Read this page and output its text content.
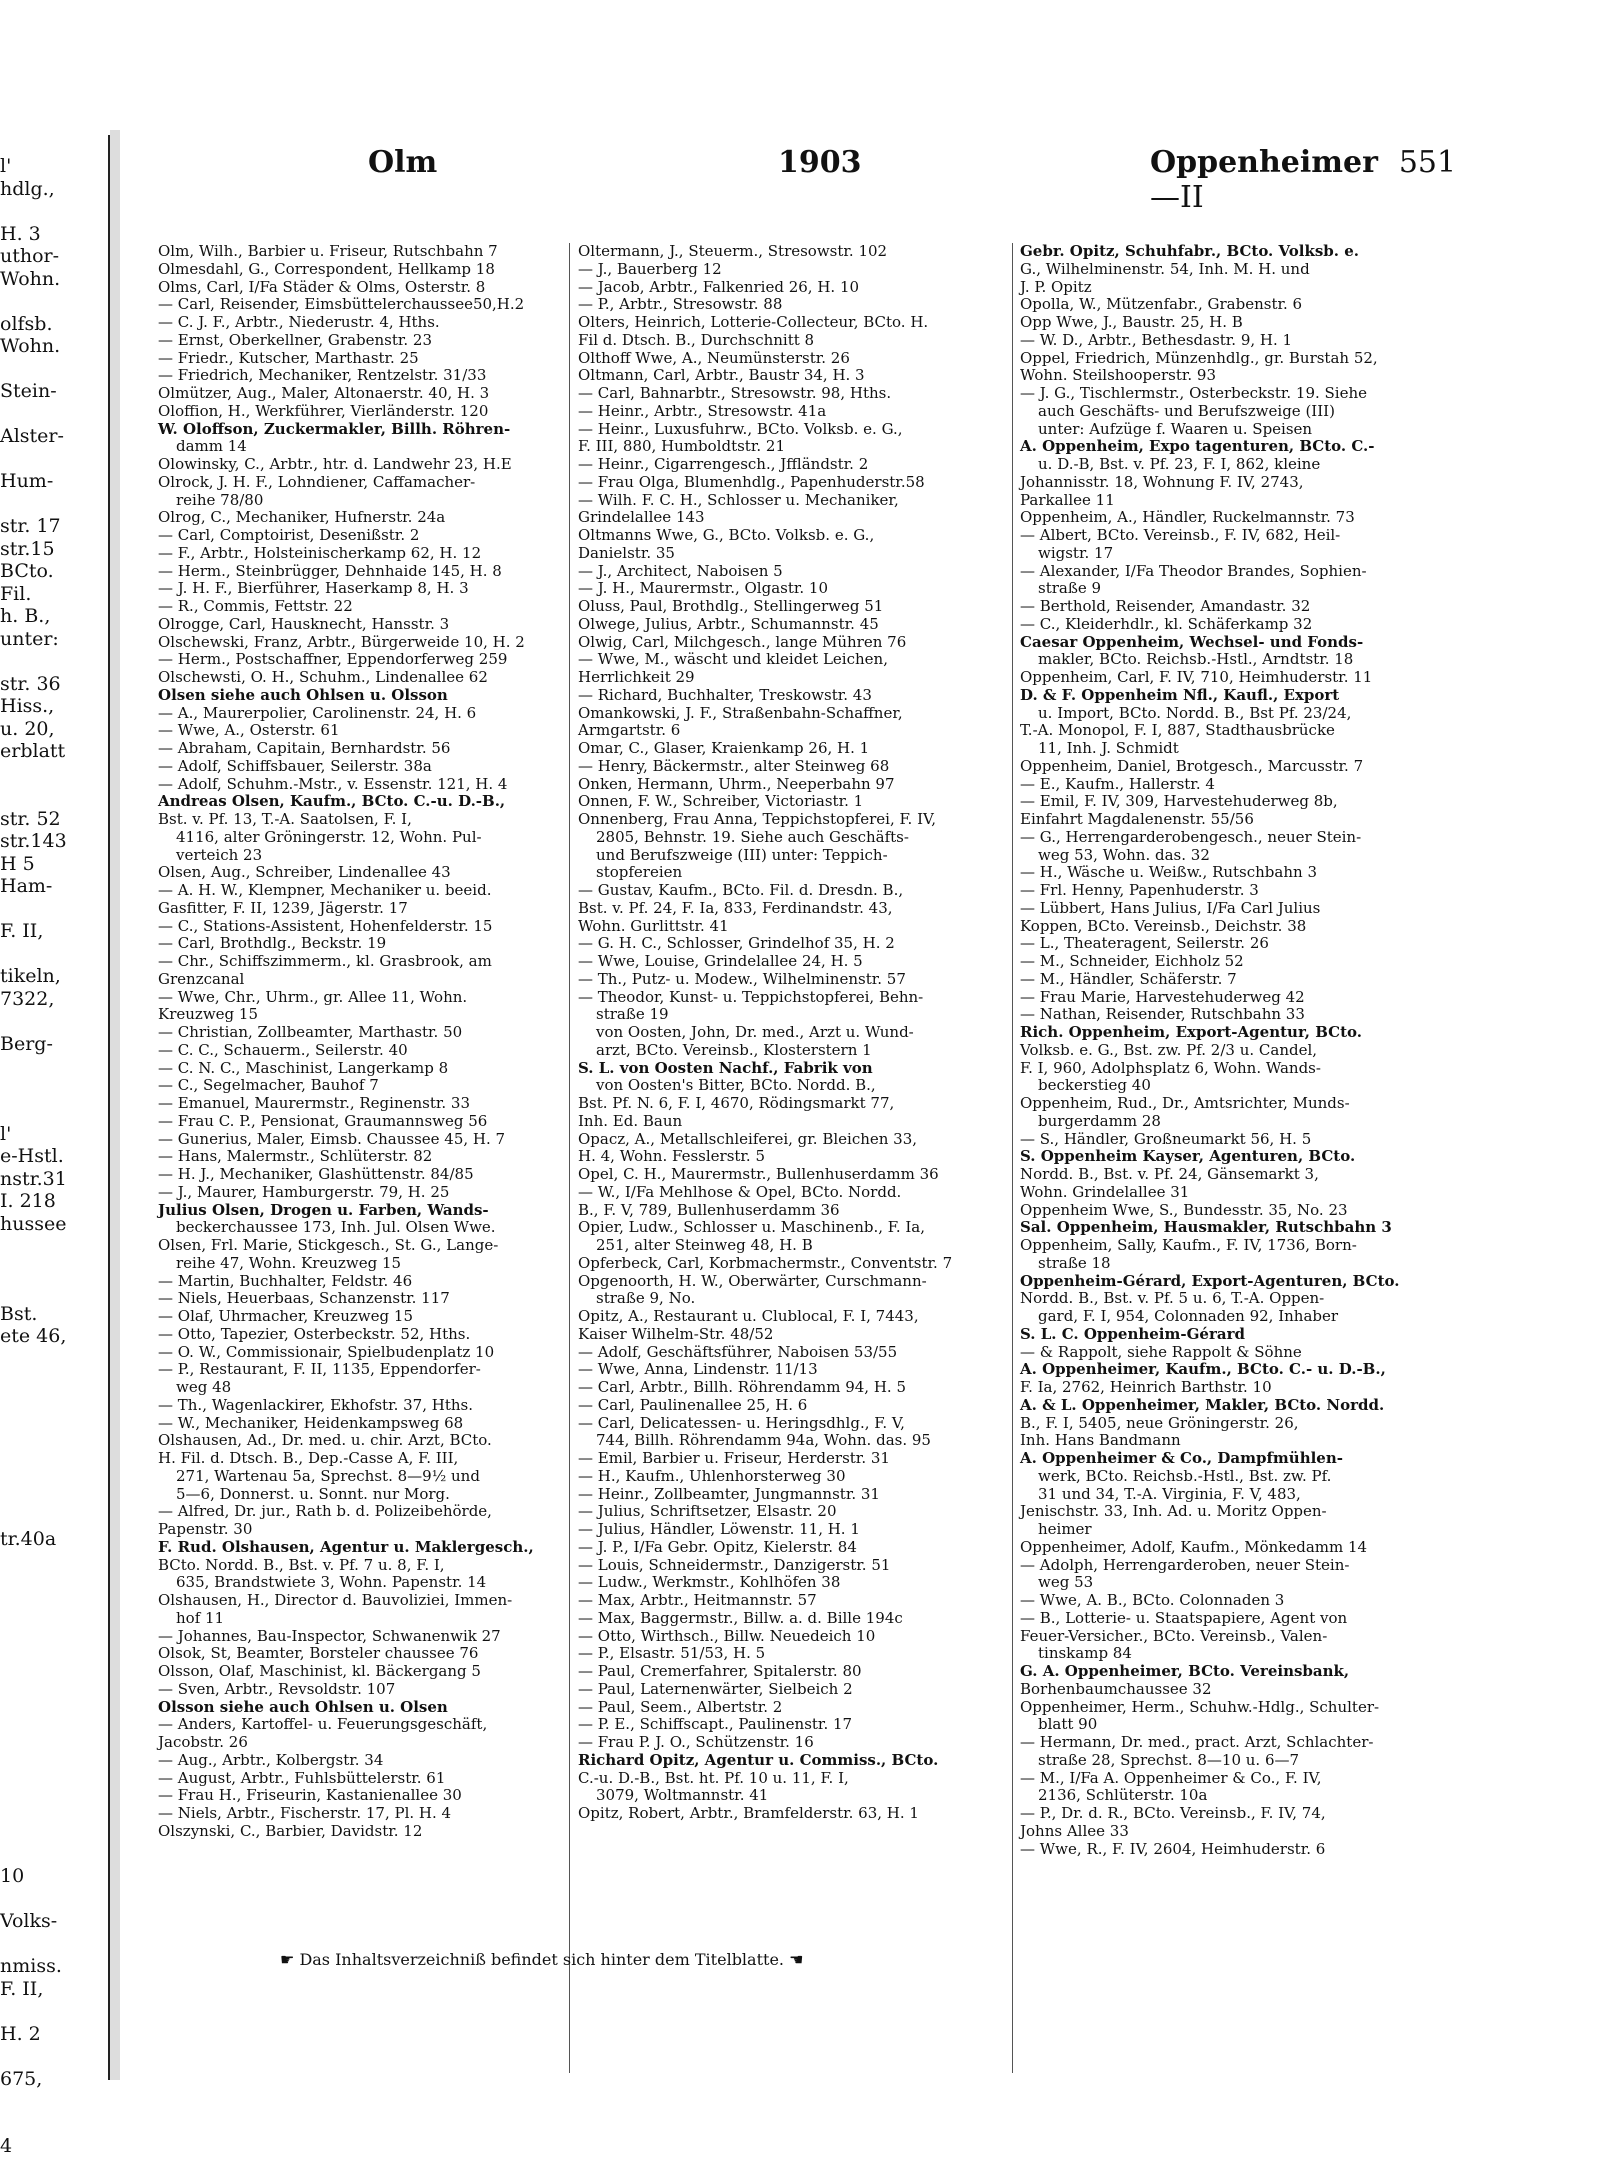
l'
hdlg.,
H. 3
uthor-
Wohn.
olfsb.
Wohn.
Stein-
Alster-
Hum-
str. 17
str.15
BCto.
Fil.
h. B.,
unter:
str. 36
Hiss.,
u. 20,
erblatt
str. 52
str.143
H 5
Ham-
F. II,
tikeln,
7322,
Berg-
l'
e-Hstl.
nstr.31
I. 218
hussee
Bst.
ete 46,
tr.40a
10
Volks-
nmiss.
F. II,
H. 2
675,
4
Olm	1903	Oppenheimer 551—II
Olm, Wilh., Barbier u. Friseur, Rutschbahn 7
Olmesdahl, G., Correspondent, Hellkamp 18
Olms, Carl, I/Fa Städer & Olms, Osterstr. 8
— Carl, Reisender, Eimsbüttelerchaussee50,H.2
— C. J. F., Arbtr., Niederustr. 4, Hths.
— Ernst, Oberkellner, Grabenstr. 23
— Friedr., Kutscher, Marthastr. 25
— Friedrich, Mechaniker, Rentzelstr. 31/33
Olmützer, Aug., Maler, Altonaerstr. 40, H. 3
Oloffion, H., Werkführer, Vierländerstr. 120
W. Oloffson, Zuckermakler, Billh. Röhren-
damm 14
Olowinsky, C., Arbtr., htr. d. Landwehr 23, H.E
Olrock, J. H. F., Lohndiener, Caffamacher-
reihe 78/80
Olrog, C., Mechaniker, Hufnerstr. 24a
— Carl, Comptoirist, Desenißstr. 2
— F., Arbtr., Holsteinischerkamp 62, H. 12
— Herm., Steinbrügger, Dehnhaide 145, H. 8
— J. H. F., Bierführer, Haserkamp 8, H. 3
— R., Commis, Fettstr. 22
Olrogge, Carl, Hausknecht, Hansstr. 3
Olschewski, Franz, Arbtr., Bürgerweide 10, H. 2
— Herm., Postschaffner, Eppendorferweg 259
Olschewsti, O. H., Schuhm., Lindenallee 62
Olsen siehe auch Ohlsen u. Olsson
— A., Maurerpolier, Carolinenstr. 24, H. 6
— Wwe, A., Osterstr. 61
— Abraham, Capitain, Bernhardstr. 56
— Adolf, Schiffsbauer, Seilerstr. 38a
— Adolf, Schuhm.-Mstr., v. Essenstr. 121, H. 4
Andreas Olsen, Kaufm., BCto. C.-u. D.-B.,
Bst. v. Pf. 13, T.-A. Saatolsen, F. I,
4116, alter Gröningerstr. 12, Wohn. Pul-
verteich 23
Olsen, Aug., Schreiber, Lindenallee 43
— A. H. W., Klempner, Mechaniker u. beeid.
Gasfitter, F. II, 1239, Jägerstr. 17
— C., Stations-Assistent, Hohenfelderstr. 15
— Carl, Brothdlg., Beckstr. 19
— Chr., Schiffszimmerm., kl. Grasbrook, am
Grenzcanal
— Wwe, Chr., Uhrm., gr. Allee 11, Wohn.
Kreuzweg 15
— Christian, Zollbeamter, Marthastr. 50
— C. C., Schauerm., Seilerstr. 40
— C. N. C., Maschinist, Langerkamp 8
— C., Segelmacher, Bauhof 7
— Emanuel, Maurermstr., Reginenstr. 33
— Frau C. P., Pensionat, Graumannsweg 56
— Gunerius, Maler, Eimsb. Chaussee 45, H. 7
— Hans, Malermstr., Schlüterstr. 82
— H. J., Mechaniker, Glashüttenstr. 84/85
— J., Maurer, Hamburgerstr. 79, H. 25
Julius Olsen, Drogen u. Farben, Wands-
beckerchaussee 173, Inh. Jul. Olsen Wwe.
Olsen, Frl. Marie, Stickgesch., St. G., Lange-
reihe 47, Wohn. Kreuzweg 15
— Martin, Buchhalter, Feldstr. 46
— Niels, Heuerbaas, Schanzenstr. 117
— Olaf, Uhrmacher, Kreuzweg 15
— Otto, Tapezier, Osterbeckstr. 52, Hths.
— O. W., Commissionair, Spielbudenplatz 10
— P., Restaurant, F. II, 1135, Eppendorfer-
weg 48
— Th., Wagenlackirer, Ekhofstr. 37, Hths.
— W., Mechaniker, Heidenkampsweg 68
Olshausen, Ad., Dr. med. u. chir. Arzt, BCto.
H. Fil. d. Dtsch. B., Dep.-Casse A, F. III,
271, Wartenau 5a, Sprechst. 8—9½ und
5—6, Donnerst. u. Sonnt. nur Morg.
— Alfred, Dr. jur., Rath b. d. Polizeibehörde,
Papenstr. 30
F. Rud. Olshausen, Agentur u. Maklergesch.,
BCto. Nordd. B., Bst. v. Pf. 7 u. 8, F. I,
635, Brandstwiete 3, Wohn. Papenstr. 14
Olshausen, H., Director d. Bauvoliziei, Immen-
hof 11
— Johannes, Bau-Inspector, Schwanenwik 27
Olsok, St, Beamter, Borsteler chaussee 76
Olsson, Olaf, Maschinist, kl. Bäckergang 5
— Sven, Arbtr., Revsoldstr. 107
Olsson siehe auch Ohlsen u. Olsen
— Anders, Kartoffel- u. Feuerungsgeschäft,
Jacobstr. 26
— Aug., Arbtr., Kolbergstr. 34
— August, Arbtr., Fuhlsbüttelerstr. 61
— Frau H., Friseurin, Kastanienallee 30
— Niels, Arbtr., Fischerstr. 17, Pl. H. 4
Olszynski, C., Barbier, Davidstr. 12
Oltermann, J., Steuerm., Stresowstr. 102
— J., Bauerberg 12
— Jacob, Arbtr., Falkenried 26, H. 10
— P., Arbtr., Stresowstr. 88
Olters, Heinrich, Lotterie-Collecteur, BCto. H.
Fil d. Dtsch. B., Durchschnitt 8
Olthoff Wwe, A., Neumünsterstr. 26
Oltmann, Carl, Arbtr., Baustr 34, H. 3
— Carl, Bahnarbtr., Stresowstr. 98, Hths.
— Heinr., Arbtr., Stresowstr. 41a
— Heinr., Luxusfuhrw., BCto. Volksb. e. G.,
F. III, 880, Humboldtstr. 21
— Heinr., Cigarrengesch., Jffländstr. 2
— Frau Olga, Blumenhdlg., Papenhuderstr.58
— Wilh. F. C. H., Schlosser u. Mechaniker,
Grindelallee 143
Oltmanns Wwe, G., BCto. Volksb. e. G.,
Danielstr. 35
— J., Architect, Naboisen 5
— J. H., Maurermstr., Olgastr. 10
Oluss, Paul, Brothdlg., Stellingerweg 51
Olwege, Julius, Arbtr., Schumannstr. 45
Olwig, Carl, Milchgesch., lange Mühren 76
— Wwe, M., wäscht und kleidet Leichen,
Herrlichkeit 29
— Richard, Buchhalter, Treskowstr. 43
Omankowski, J. F., Straßenbahn-Schaffner,
Armgartstr. 6
Omar, C., Glaser, Kraienkamp 26, H. 1
— Henry, Bäckermstr., alter Steinweg 68
Onken, Hermann, Uhrm., Neeperbahn 97
Onnen, F. W., Schreiber, Victoriastr. 1
Onnenberg, Frau Anna, Teppichstopferei, F. IV,
2805, Behnstr. 19. Siehe auch Geschäfts-
und Berufszweige (III) unter: Teppich-
stopfereien
— Gustav, Kaufm., BCto. Fil. d. Dresdn. B.,
Bst. v. Pf. 24, F. Ia, 833, Ferdinandstr. 43,
Wohn. Gurlittstr. 41
— G. H. C., Schlosser, Grindelhof 35, H. 2
— Wwe, Louise, Grindelallee 24, H. 5
— Th., Putz- u. Modew., Wilhelminenstr. 57
— Theodor, Kunst- u. Teppichstopferei, Behn-
straße 19
von Oosten, John, Dr. med., Arzt u. Wund-
arzt, BCto. Vereinsb., Klosterstern 1
S. L. von Oosten Nachf., Fabrik von
von Oosten's Bitter, BCto. Nordd. B.,
Bst. Pf. N. 6, F. I, 4670, Rödingsmarkt 77,
Inh. Ed. Baun
Opacz, A., Metallschleiferei, gr. Bleichen 33,
H. 4, Wohn. Fesslerstr. 5
Opel, C. H., Maurermstr., Bullenhuserdamm 36
— W., I/Fa Mehlhose & Opel, BCto. Nordd.
B., F. V, 789, Bullenhuserdamm 36
Opier, Ludw., Schlosser u. Maschinenb., F. Ia,
251, alter Steinweg 48, H. B
Opferbeck, Carl, Korbmachermstr., Conventstr. 7
Opgenoorth, H. W., Oberwärter, Curschmann-
straße 9, No.
Opitz, A., Restaurant u. Clublocal, F. I, 7443,
Kaiser Wilhelm-Str. 48/52
— Adolf, Geschäftsführer, Naboisen 53/55
— Wwe, Anna, Lindenstr. 11/13
— Carl, Arbtr., Billh. Röhrendamm 94, H. 5
— Carl, Paulinenallee 25, H. 6
— Carl, Delicatessen- u. Heringsdhlg., F. V,
744, Billh. Röhrendamm 94a, Wohn. das. 95
— Emil, Barbier u. Friseur, Herderstr. 31
— H., Kaufm., Uhlenhorsterweg 30
— Heinr., Zollbeamter, Jungmannstr. 31
— Julius, Schriftsetzer, Elsastr. 20
— Julius, Händler, Löwenstr. 11, H. 1
— J. P., I/Fa Gebr. Opitz, Kielerstr. 84
— Louis, Schneidermstr., Danzigerstr. 51
— Ludw., Werkmstr., Kohlhöfen 38
— Max, Arbtr., Heitmannstr. 57
— Max, Baggermstr., Billw. a. d. Bille 194c
— Otto, Wirthsch., Billw. Neuedeich 10
— P., Elsastr. 51/53, H. 5
— Paul, Cremerfahrer, Spitalerstr. 80
— Paul, Laternenwärter, Sielbeich 2
— Paul, Seem., Albertstr. 2
— P. E., Schiffscapt., Paulinenstr. 17
— Frau P. J. O., Schützenstr. 16
Richard Opitz, Agentur u. Commiss., BCto.
C.-u. D.-B., Bst. ht. Pf. 10 u. 11, F. I,
3079, Woltmannstr. 41
Opitz, Robert, Arbtr., Bramfelderstr. 63, H. 1
Gebr. Opitz, Schuhfabr., BCto. Volksb. e.
G., Wilhelminenstr. 54, Inh. M. H. und
J. P. Opitz
Opolla, W., Mützenfabr., Grabenstr. 6
Opp Wwe, J., Baustr. 25, H. B
— W. D., Arbtr., Bethesdastr. 9, H. 1
Oppel, Friedrich, Münzenhdlg., gr. Burstah 52,
Wohn. Steilshooperstr. 93
— J. G., Tischlermstr., Osterbeckstr. 19. Siehe
auch Geschäfts- und Berufszweige (III)
unter: Aufzüge f. Waaren u. Speisen
A. Oppenheim, Expo tagenturen, BCto. C.-
u. D.-B, Bst. v. Pf. 23, F. I, 862, kleine
Johannisstr. 18, Wohnung F. IV, 2743,
Parkallee 11
Oppenheim, A., Händler, Ruckelmannstr. 73
— Albert, BCto. Vereinsb., F. IV, 682, Heil-
wigstr. 17
— Alexander, I/Fa Theodor Brandes, Sophien-
straße 9
— Berthold, Reisender, Amandastr. 32
— C., Kleiderhdlr., kl. Schäferkamp 32
Caesar Oppenheim, Wechsel- und Fonds-
makler, BCto. Reichsb.-Hstl., Arndtstr. 18
Oppenheim, Carl, F. IV, 710, Heimhuderstr. 11
D. & F. Oppenheim Nfl., Kaufl., Export
u. Import, BCto. Nordd. B., Bst Pf. 23/24,
T.-A. Monopol, F. I, 887, Stadthausbrücke
11, Inh. J. Schmidt
Oppenheim, Daniel, Brotgesch., Marcusstr. 7
— E., Kaufm., Hallerstr. 4
— Emil, F. IV, 309, Harvestehuderweg 8b,
Einfahrt Magdalenenstr. 55/56
— G., Herrengarderobengesch., neuer Stein-
weg 53, Wohn. das. 32
— H., Wäsche u. Weißw., Rutschbahn 3
— Frl. Henny, Papenhuderstr. 3
— Lübbert, Hans Julius, I/Fa Carl Julius
Koppen, BCto. Vereinsb., Deichstr. 38
— L., Theateragent, Seilerstr. 26
— M., Schneider, Eichholz 52
— M., Händler, Schäferstr. 7
— Frau Marie, Harvestehuderweg 42
— Nathan, Reisender, Rutschbahn 33
Rich. Oppenheim, Export-Agentur, BCto.
Volksb. e. G., Bst. zw. Pf. 2/3 u. Candel,
F. I, 960, Adolphsplatz 6, Wohn. Wands-
beckerstieg 40
Oppenheim, Rud., Dr., Amtsrichter, Munds-
burgerdamm 28
— S., Händler, Großneumarkt 56, H. 5
S. Oppenheim Kayser, Agenturen, BCto.
Nordd. B., Bst. v. Pf. 24, Gänsemarkt 3,
Wohn. Grindelallee 31
Oppenheim Wwe, S., Bundesstr. 35, No. 23
Sal. Oppenheim, Hausmakler, Rutschbahn 3
Oppenheim, Sally, Kaufm., F. IV, 1736, Born-
straße 18
Oppenheim-Gérard, Export-Agenturen, BCto.
Nordd. B., Bst. v. Pf. 5 u. 6, T.-A. Oppen-
gard, F. I, 954, Colonnaden 92, Inhaber
S. L. C. Oppenheim-Gérard
— & Rappolt, siehe Rappolt & Söhne
A. Oppenheimer, Kaufm., BCto. C.- u. D.-B.,
F. Ia, 2762, Heinrich Barthstr. 10
A. & L. Oppenheimer, Makler, BCto. Nordd.
B., F. I, 5405, neue Gröningerstr. 26,
Inh. Hans Bandmann
A. Oppenheimer & Co., Dampfmühlen-
werk, BCto. Reichsb.-Hstl., Bst. zw. Pf.
31 und 34, T.-A. Virginia, F. V, 483,
Jenischstr. 33, Inh. Ad. u. Moritz Oppen-
heimer
Oppenheimer, Adolf, Kaufm., Mönkedamm 14
— Adolph, Herrengarderoben, neuer Stein-
weg 53
— Wwe, A. B., BCto. Colonnaden 3
— B., Lotterie- u. Staatspapiere, Agent von
Feuer-Versicher., BCto. Vereinsb., Valen-
tinskamp 84
G. A. Oppenheimer, BCto. Vereinsbank,
Borhenbaumchaussee 32
Oppenheimer, Herm., Schuhw.-Hdlg., Schulter-
blatt 90
— Hermann, Dr. med., pract. Arzt, Schlachter-
straße 28, Sprechst. 8—10 u. 6—7
— M., I/Fa A. Oppenheimer & Co., F. IV,
2136, Schlüterstr. 10a
— P., Dr. d. R., BCto. Vereinsb., F. IV, 74,
Johns Allee 33
— Wwe, R., F. IV, 2604, Heimhuderstr. 6
☛ Das Inhaltsverzeichniß befindet sich hinter dem Titelblatte. ☚
